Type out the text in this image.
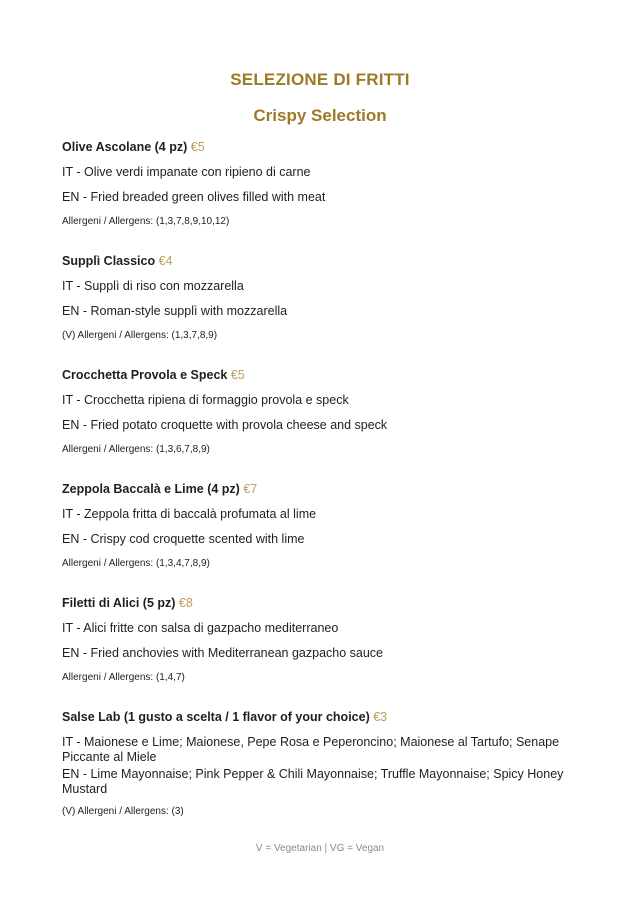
SELEZIONE DI FRITTI
Crispy Selection

Olive Ascolane (4 pz) €5

IT - Olive verdi impanate con ripieno di carne

EN - Fried breaded green olives filled with meat

Allergeni / Allergens: (1,3,7,8,9,10,12)

Supplì Classico €4

IT - Supplì di riso con mozzarella

EN - Roman-style supplì with mozzarella

(V) Allergeni / Allergens: (1,3,7,8,9)

Crocchetta Provola e Speck €5

IT - Crocchetta ripiena di formaggio provola e speck

EN - Fried potato croquette with provola cheese and speck

Allergeni / Allergens: (1,3,6,7,8,9)

Zeppola Baccalà e Lime (4 pz) €7

IT - Zeppola fritta di baccalà profumata al lime

EN - Crispy cod croquette scented with lime

Allergeni / Allergens: (1,3,4,7,8,9)

Filetti di Alici (5 pz) €8

IT - Alici fritte con salsa di gazpacho mediterraneo

EN - Fried anchovies with Mediterranean gazpacho sauce

Allergeni / Allergens: (1,4,7)

Salse Lab (1 gusto a scelta / 1 flavor of your choice) €3

IT - Maionese e Lime; Maionese, Pepe Rosa e Peperoncino; Maionese al Tartufo; Senape Piccante al Miele

EN - Lime Mayonnaise; Pink Pepper & Chili Mayonnaise; Truffle Mayonnaise; Spicy Honey Mustard

(V) Allergeni / Allergens: (3)

V = Vegetarian | VG = Vegan
